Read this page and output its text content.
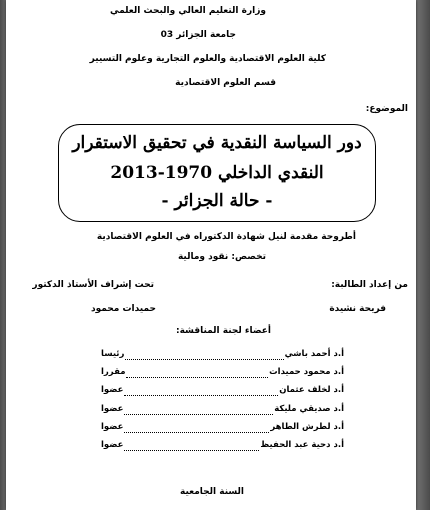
وزارة التعليم العالي والبحث العلمي
جامعة الجزائر 03
كلية العلوم الاقتصادية والعلوم التجارية وعلوم التسيير
قسم العلوم الاقتصادية
الموضوع:
دور السياسة النقدية في تحقيق الاستقرار
النقدي الداخلي 1970-2013
- حالة الجزائر -
أطروحة مقدمة لنيل شهادة الدكتوراه في العلوم الاقتصادية
تخصص: نقود ومالية
من إعداد الطالبة:
تحت إشراف الأستاذ الدكتور
فريحة نشيدة
حميدات محمود
أعضاء لجنة المناقشة:
أ.د أحمد باشي
رئيسا
أ.د محمود حميدات
مقررا
أ.د لخلف عثمان
عضوا
أ.د صديقي مليكة
عضوا
أ.د لطرش الطاهر
عضوا
أ.د دحية عبد الحفيظ
عضوا
السنة الجامعية
